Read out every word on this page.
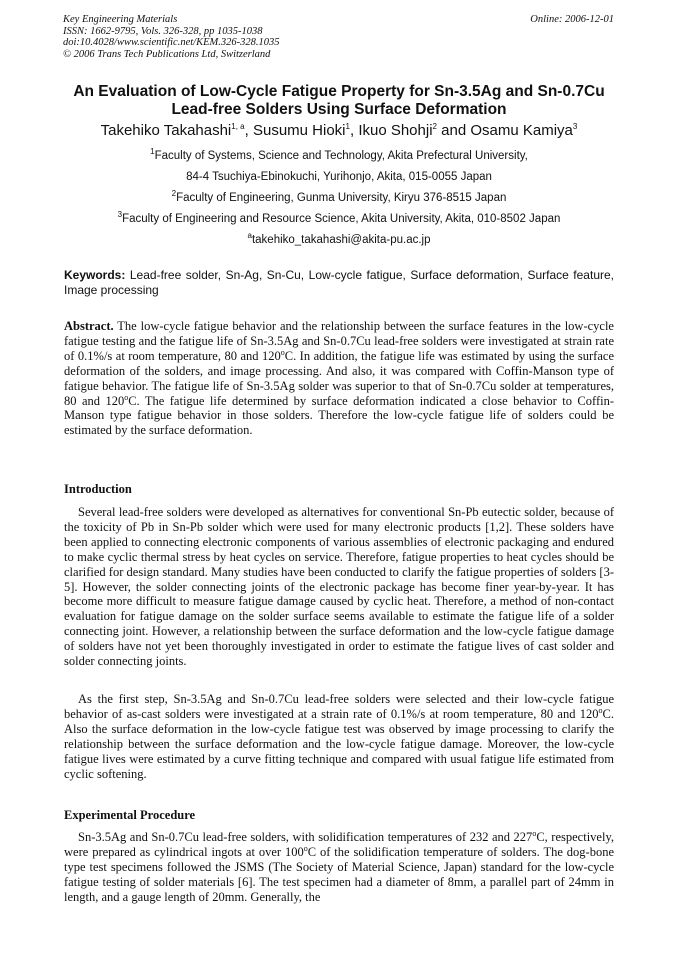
Key Engineering Materials
ISSN: 1662-9795, Vols. 326-328, pp 1035-1038
doi:10.4028/www.scientific.net/KEM.326-328.1035
© 2006 Trans Tech Publications Ltd, Switzerland
Online: 2006-12-01
An Evaluation of Low-Cycle Fatigue Property for Sn-3.5Ag and Sn-0.7Cu
Lead-free Solders Using Surface Deformation
Takehiko Takahashi$^{1, a}$, Susumu Hioki$^1$, Ikuo Shohji$^2$ and Osamu Kamiya$^3$
$^1$Faculty of Systems, Science and Technology, Akita Prefectural University,
84-4 Tsuchiya-Ebinokuchi, Yurihonjo, Akita, 015-0055 Japan
$^2$Faculty of Engineering, Gunma University, Kiryu 376-8515 Japan
$^3$Faculty of Engineering and Resource Science, Akita University, Akita, 010-8502 Japan
$^a$takehiko_takahashi@akita-pu.ac.jp
Keywords: Lead-free solder, Sn-Ag, Sn-Cu, Low-cycle fatigue, Surface deformation, Surface feature, Image processing
Abstract. The low-cycle fatigue behavior and the relationship between the surface features in the low-cycle fatigue testing and the fatigue life of Sn-3.5Ag and Sn-0.7Cu lead-free solders were investigated at strain rate of 0.1%/s at room temperature, 80 and 120$^o$C. In addition, the fatigue life was estimated by using the surface deformation of the solders, and image processing. And also, it was compared with Coffin-Manson type of fatigue behavior. The fatigue life of Sn-3.5Ag solder was superior to that of Sn-0.7Cu solder at temperatures, 80 and 120$^o$C. The fatigue life determined by surface deformation indicated a close behavior to Coffin-Manson type fatigue behavior in those solders. Therefore the low-cycle fatigue life of solders could be estimated by the surface deformation.
Introduction
Several lead-free solders were developed as alternatives for conventional Sn-Pb eutectic solder, because of the toxicity of Pb in Sn-Pb solder which were used for many electronic products [1,2]. These solders have been applied to connecting electronic components of various assemblies of electronic packaging and endured to make cyclic thermal stress by heat cycles on service. Therefore, fatigue properties to heat cycles should be clarified for design standard. Many studies have been conducted to clarify the fatigue properties of solders [3-5]. However, the solder connecting joints of the electronic package has become finer year-by-year. It has become more difficult to measure fatigue damage caused by cyclic heat. Therefore, a method of non-contact evaluation for fatigue damage on the solder surface seems available to estimate the fatigue life of a solder connecting joint. However, a relationship between the surface deformation and the low-cycle fatigue damage of solders have not yet been thoroughly investigated in order to estimate the fatigue lives of cast solder and solder connecting joints.
As the first step, Sn-3.5Ag and Sn-0.7Cu lead-free solders were selected and their low-cycle fatigue behavior of as-cast solders were investigated at a strain rate of 0.1%/s at room temperature, 80 and 120$^o$C. Also the surface deformation in the low-cycle fatigue test was observed by image processing to clarify the relationship between the surface deformation and the low-cycle fatigue damage. Moreover, the low-cycle fatigue lives were estimated by a curve fitting technique and compared with usual fatigue life estimated from cyclic softening.
Experimental Procedure
Sn-3.5Ag and Sn-0.7Cu lead-free solders, with solidification temperatures of 232 and 227$^o$C, respectively, were prepared as cylindrical ingots at over 100$^o$C of the solidification temperature of solders. The dog-bone type test specimens followed the JSMS (The Society of Material Science, Japan) standard for the low-cycle fatigue testing of solder materials [6]. The test specimen had a diameter of 8mm, a parallel part of 24mm in length, and a gauge length of 20mm. Generally, the
